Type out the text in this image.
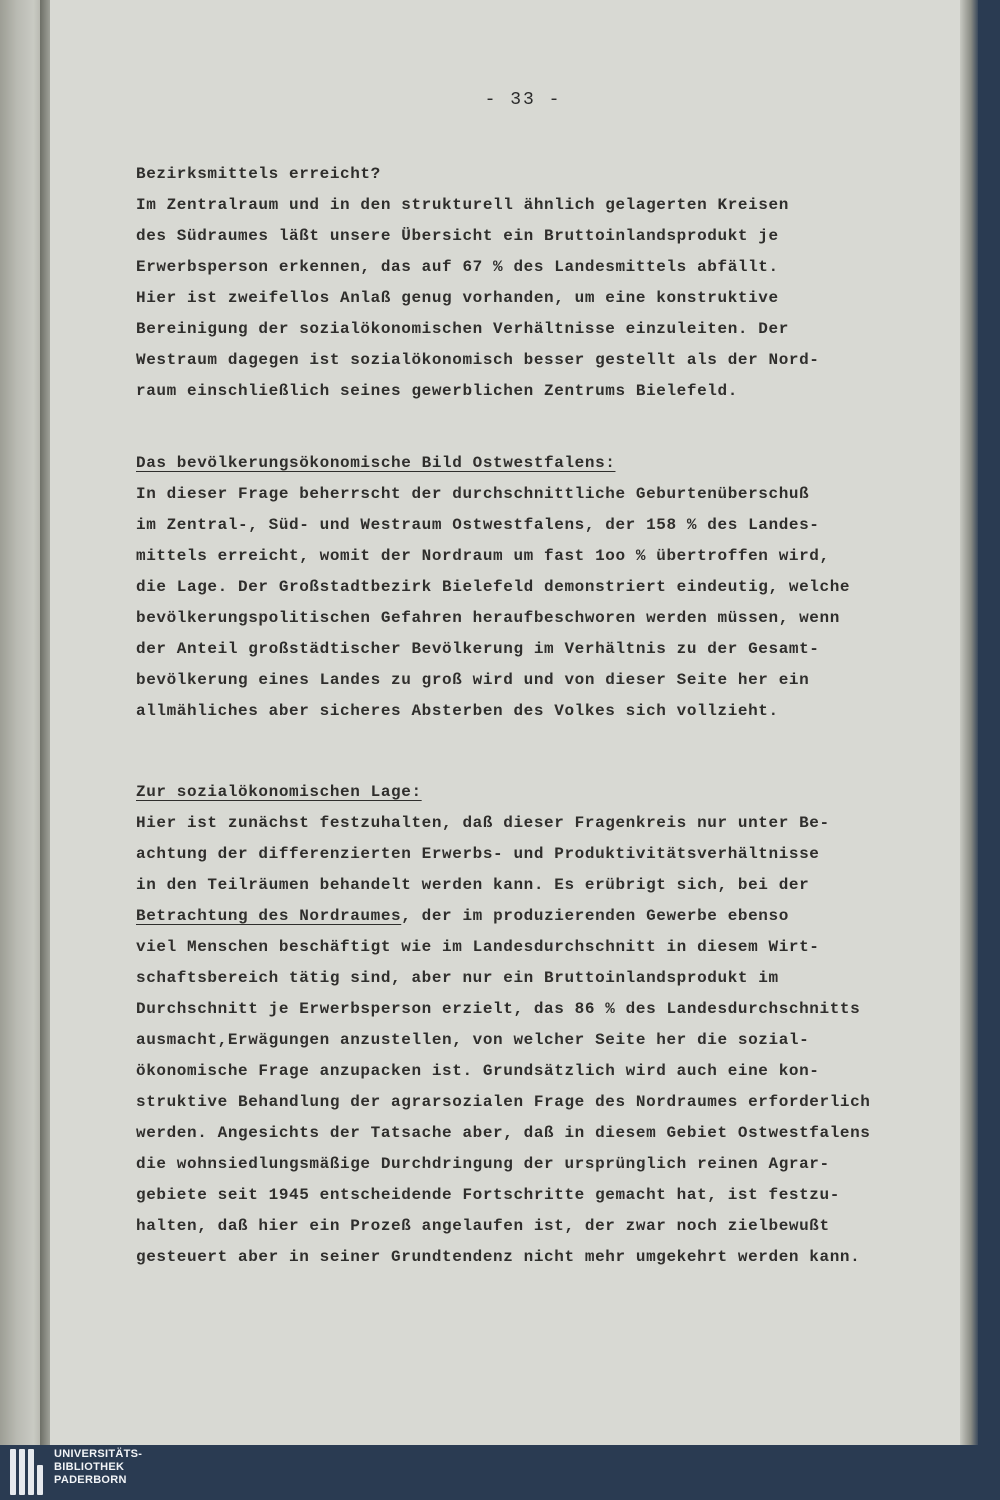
- 33 -
Bezirksmittels erreicht?
Im Zentralraum und in den strukturell ähnlich gelagerten Kreisen
des Südraumes läßt unsere Übersicht ein Bruttoinlandsprodukt je
Erwerbsperson erkennen, das auf 67 % des Landesmittels abfällt.
Hier ist zweifellos Anlaß genug vorhanden, um eine konstruktive
Bereinigung der sozialökonomischen Verhältnisse einzuleiten. Der
Westraum dagegen ist sozialökonomisch besser gestellt als der Nord-
raum einschließlich seines gewerblichen Zentrums Bielefeld.
Das bevölkerungsökonomische Bild Ostwestfalens:
In dieser Frage beherrscht der durchschnittliche Geburtenüberschuß
im Zentral-, Süd- und Westraum Ostwestfalens, der 158 % des Landes-
mittels erreicht, womit der Nordraum um fast 1oo % übertroffen wird,
die Lage. Der Großstadtbezirk Bielefeld demonstriert eindeutig, welche
bevölkerungspolitischen Gefahren heraufbeschworen werden müssen, wenn
der Anteil großstädtischer Bevölkerung im Verhältnis zu der Gesamt-
bevölkerung eines Landes zu groß wird und von dieser Seite her ein
allmähliches aber sicheres Absterben des Volkes sich vollzieht.
Zur sozialökonomischen Lage:
Hier ist zunächst festzuhalten, daß dieser Fragenkreis nur unter Be-
achtung der differenzierten Erwerbs- und Produktivitätsverhältnisse
in den Teilräumen behandelt werden kann. Es erübrigt sich, bei der
Betrachtung des Nordraumes, der im produzierenden Gewerbe ebenso
viel Menschen beschäftigt wie im Landesdurchschnitt in diesem Wirt-
schaftsbereich tätig sind, aber nur ein Bruttoinlandsprodukt im
Durchschnitt je Erwerbsperson erzielt, das 86 % des Landesdurchschnitts
ausmacht,Erwägungen anzustellen, von welcher Seite her die sozial-
ökonomische Frage anzupacken ist. Grundsätzlich wird auch eine kon-
struktive Behandlung der agrarsozialen Frage des Nordraumes erforderlich
werden. Angesichts der Tatsache aber, daß in diesem Gebiet Ostwestfalens
die wohnsiedlungsmäßige Durchdringung der ursprünglich reinen Agrar-
gebiete seit 1945 entscheidende Fortschritte gemacht hat, ist festzu-
halten, daß hier ein Prozeß angelaufen ist, der zwar noch zielbewußt
gesteuert aber in seiner Grundtendenz nicht mehr umgekehrt werden kann.
UNIVERSITÄTS-
BIBLIOTHEK
PADERBORN
